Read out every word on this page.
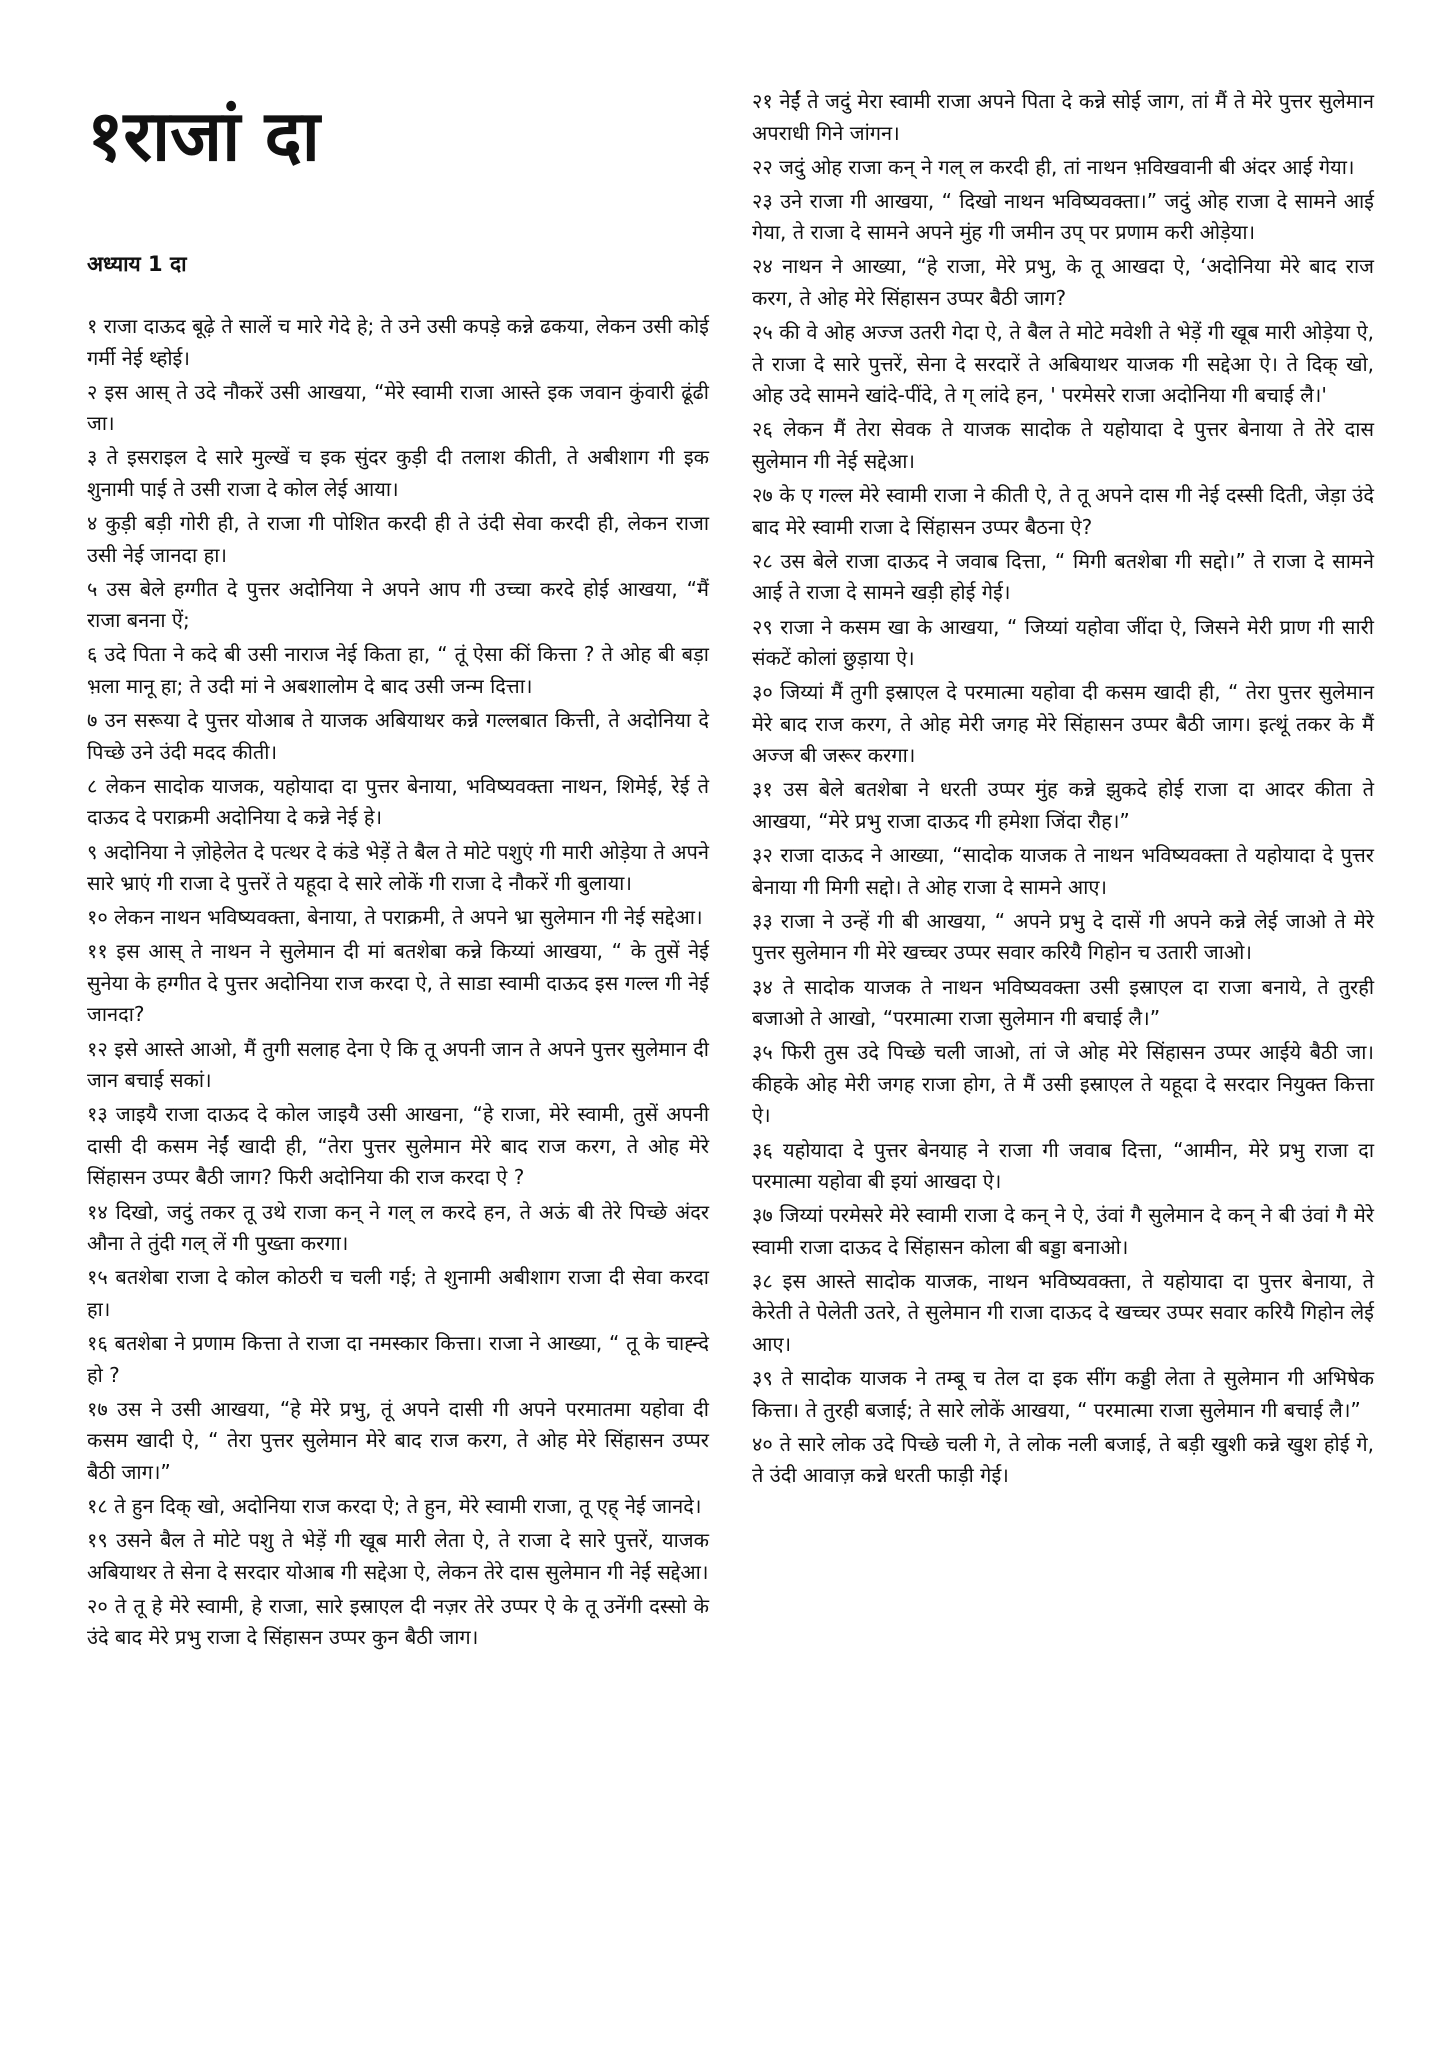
१राजां दा
अध्याय 1 दा

१ राजा दाऊद बूढ़े ते सालें च मारे गेदे हे; ते उने उसी कपड़े कन्ने ढकया, लेकन उसी कोई गर्मी नेई थ्होई।

२ इस आस् ते उदे नौकरें उसी आखया, “मेरे स्वामी राजा आस्ते इक जवान कुंवारी ढूंढी जा।

३ ते इसराइल दे सारे मुल्खें च इक सुंदर कुड़ी दी तलाश कीती, ते अबीशाग गी इक शुनामी पाई ते उसी राजा दे कोल लेई आया।

४ कुड़ी बड़ी गोरी ही, ते राजा गी पोशित करदी ही ते उंदी सेवा करदी ही, लेकन राजा उसी नेई जानदा हा।

५ उस बेले हग्गीत दे पुत्तर अदोनिया ने अपने आप गी उच्चा करदे होई आखया, “मैं राजा बनना ऐं;

६ उदे पिता ने कदे बी उसी नाराज नेई किता हा, “ तूं ऐसा कीं कित्ता ? ते ओह बी बड़ा भ़ला मानू हा; ते उदी मां ने अबशालोम दे बाद उसी जन्म दित्ता।

७ उन सरूया दे पुत्तर योआब ते याजक अबियाथर कन्ने गल्लबात कित्ती, ते अदोनिया दे पिच्छे उने उंदी मदद कीती।

८ लेकन सादोक याजक, यहोयादा दा पुत्तर बेनाया, भविष्यवक्ता नाथन, शिमेई, रेई ते दाऊद दे पराक्रमी अदोनिया दे कन्ने नेई हे।

९ अदोनिया ने ज़ोहेलेत दे पत्थर दे कंडे भेड़ें ते बैल ते मोटे पशुएं गी मारी ओड़ेया ते अपने सारे भ्राएं गी राजा दे पुत्तरें ते यहूदा दे सारे लोकें गी राजा दे नौकरें गी बुलाया।

१० लेकन नाथन भविष्यवक्ता, बेनाया, ते पराक्रमी, ते अपने भ्रा सुलेमान गी नेई सद्देआ।

११ इस आस् ते नाथन ने सुलेमान दी मां बतशेबा कन्ने किय्यां आखया, “ के तुसें नेई सुनेया के हग्गीत दे पुत्तर अदोनिया राज करदा ऐ, ते साडा स्वामी दाऊद इस गल्ल गी नेई जानदा?

१२ इसे आस्ते आओ, मैं तुगी सलाह देना ऐ कि तू अपनी जान ते अपने पुत्तर सुलेमान दी जान बचाई सकां।

१३ जाइयै राजा दाऊद दे कोल जाइयै उसी आखना, “हे राजा, मेरे स्वामी, तुसें अपनी दासी दी कसम नेईं खादी ही, “तेरा पुत्तर सुलेमान मेरे बाद राज करग, ते ओह मेरे सिंहासन उप्पर बैठी जाग? फिरी अदोनिया की राज करदा ऐ ?

१४ दिखो, जदुं तकर तू उथे राजा कन् ने गल् ल करदे हन, ते अऊं बी तेरे पिच्छे अंदर औना ते तुंदी गल् लें गी पुख्ता करगा।

१५ बतशेबा राजा दे कोल कोठरी च चली गई; ते शुनामी अबीशाग राजा दी सेवा करदा हा।

१६ बतशेबा ने प्रणाम कित्ता ते राजा दा नमस्कार कित्ता। राजा ने आख्या, “ तू के चाह्न्दे हो ?

१७ उस ने उसी आखया, “हे मेरे प्रभु, तूं अपने दासी गी अपने परमातमा यहोवा दी कसम खादी ऐ, “ तेरा पुत्तर सुलेमान मेरे बाद राज करग, ते ओह मेरे सिंहासन उप्पर बैठी जाग।”

१८ ते हुन दिक् खो, अदोनिया राज करदा ऐ; ते हुन, मेरे स्वामी राजा, तू एह् नेई जानदे।

१९ उसने बैल ते मोटे पशु ते भेड़ें गी खूब मारी लेता ऐ, ते राजा दे सारे पुत्तरें, याजक अबियाथर ते सेना दे सरदार योआब गी सद्देआ ऐ, लेकन तेरे दास सुलेमान गी नेई सद्देआ।

२० ते तू हे मेरे स्वामी, हे राजा, सारे इस्राएल दी नज़र तेरे उप्पर ऐ के तू उनेंगी दस्सो के उंदे बाद मेरे प्रभु राजा दे सिंहासन उप्पर कुन बैठी जाग।

२१ नेईं ते जदुं मेरा स्वामी राजा अपने पिता दे कन्ने सोई जाग, तां मैं ते मेरे पुत्तर सुलेमान अपराधी गिने जांगन।

२२ जदुं ओह राजा कन् ने गल् ल करदी ही, तां नाथन भ़विखवानी बी अंदर आई गेया।

२३ उने राजा गी आखया, “ दिखो नाथन भविष्यवक्ता।” जदुं ओह राजा दे सामने आई गेया, ते राजा दे सामने अपने मुंह गी जमीन उप् पर प्रणाम करी ओड़ेया।

२४ नाथन ने आख्या, “हे राजा, मेरे प्रभु, के तू आखदा ऐ, ‘अदोनिया मेरे बाद राज करग, ते ओह मेरे सिंहासन उप्पर बैठी जाग?

२५ की वे ओह अज्ज उतरी गेदा ऐ, ते बैल ते मोटे मवेशी ते भेड़ें गी खूब मारी ओड़ेया ऐ, ते राजा दे सारे पुत्तरें, सेना दे सरदारें ते अबियाथर याजक गी सद्देआ ऐ। ते दिक् खो, ओह उदे सामने खांदे-पींदे, ते ग् लांदे हन, ' परमेसरे राजा अदोनिया गी बचाई लै।'

२६ लेकन मैं तेरा सेवक ते याजक सादोक ते यहोयादा दे पुत्तर बेनाया ते तेरे दास सुलेमान गी नेई सद्देआ।

२७ के ए गल्ल मेरे स्वामी राजा ने कीती ऐ, ते तू अपने दास गी नेई दस्सी दिती, जेड़ा उंदे बाद मेरे स्वामी राजा दे सिंहासन उप्पर बैठना ऐ?

२८ उस बेले राजा दाऊद ने जवाब दित्ता, “ मिगी बतशेबा गी सद्दो।” ते राजा दे सामने आई ते राजा दे सामने खड़ी होई गेई।

२९ राजा ने कसम खा के आखया, “ जिय्यां यहोवा जींदा ऐ, जिसने मेरी प्राण गी सारी संकटें कोलां छुड़ाया ऐ।

३० जिय्यां मैं तुगी इस्राएल दे परमात्मा यहोवा दी कसम खादी ही, “ तेरा पुत्तर सुलेमान मेरे बाद राज करग, ते ओह मेरी जगह मेरे सिंहासन उप्पर बैठी जाग। इत्थूं तकर के मैं अज्ज बी जरूर करगा।

३१ उस बेले बतशेबा ने धरती उप्पर मुंह कन्ने झुकदे होई राजा दा आदर कीता ते आखया, “मेरे प्रभु राजा दाऊद गी हमेशा जिंदा रौह।”

३२ राजा दाऊद ने आख्या, “सादोक याजक ते नाथन भविष्यवक्ता ते यहोयादा दे पुत्तर बेनाया गी मिगी सद्दो। ते ओह राजा दे सामने आए।

३३ राजा ने उन्हें गी बी आखया, “ अपने प्रभु दे दासें गी अपने कन्ने लेई जाओ ते मेरे पुत्तर सुलेमान गी मेरे खच्चर उप्पर सवार करियै गिहोन च उतारी जाओ।

३४ ते सादोक याजक ते नाथन भविष्यवक्ता उसी इस्राएल दा राजा बनाये, ते तुरही बजाओ ते आखो, “परमात्मा राजा सुलेमान गी बचाई लै।”

३५ फिरी तुस उदे पिच्छे चली जाओ, तां जे ओह मेरे सिंहासन उप्पर आईये बैठी जा। कीहके ओह मेरी जगह राजा होग, ते मैं उसी इस्राएल ते यहूदा दे सरदार नियुक्त कित्ता ऐ।

३६ यहोयादा दे पुत्तर बेनयाह ने राजा गी जवाब दित्ता, “आमीन, मेरे प्रभु राजा दा परमात्मा यहोवा बी इयां आखदा ऐ।

३७ जिय्यां परमेसरे मेरे स्वामी राजा दे कन् ने ऐ, उंवां गै सुलेमान दे कन् ने बी उंवां गै मेरे स्वामी राजा दाऊद दे सिंहासन कोला बी बड्डा बनाओ।

३८ इस आस्ते सादोक याजक, नाथन भविष्यवक्ता, ते यहोयादा दा पुत्तर बेनाया, ते केरेती ते पेलेती उतरे, ते सुलेमान गी राजा दाऊद दे खच्चर उप्पर सवार करियै गिहोन लेई आए।

३९ ते सादोक याजक ने तम्बू च तेल दा इक सींग कड्डी लेता ते सुलेमान गी अभिषेक कित्ता। ते तुरही बजाई; ते सारे लोकें आखया, “ परमात्मा राजा सुलेमान गी बचाई लै।”

४० ते सारे लोक उदे पिच्छे चली गे, ते लोक नली बजाई, ते बड़ी खुशी कन्ने खुश होई गे, ते उंदी आवाज़ कन्ने धरती फाड़ी गेई।
